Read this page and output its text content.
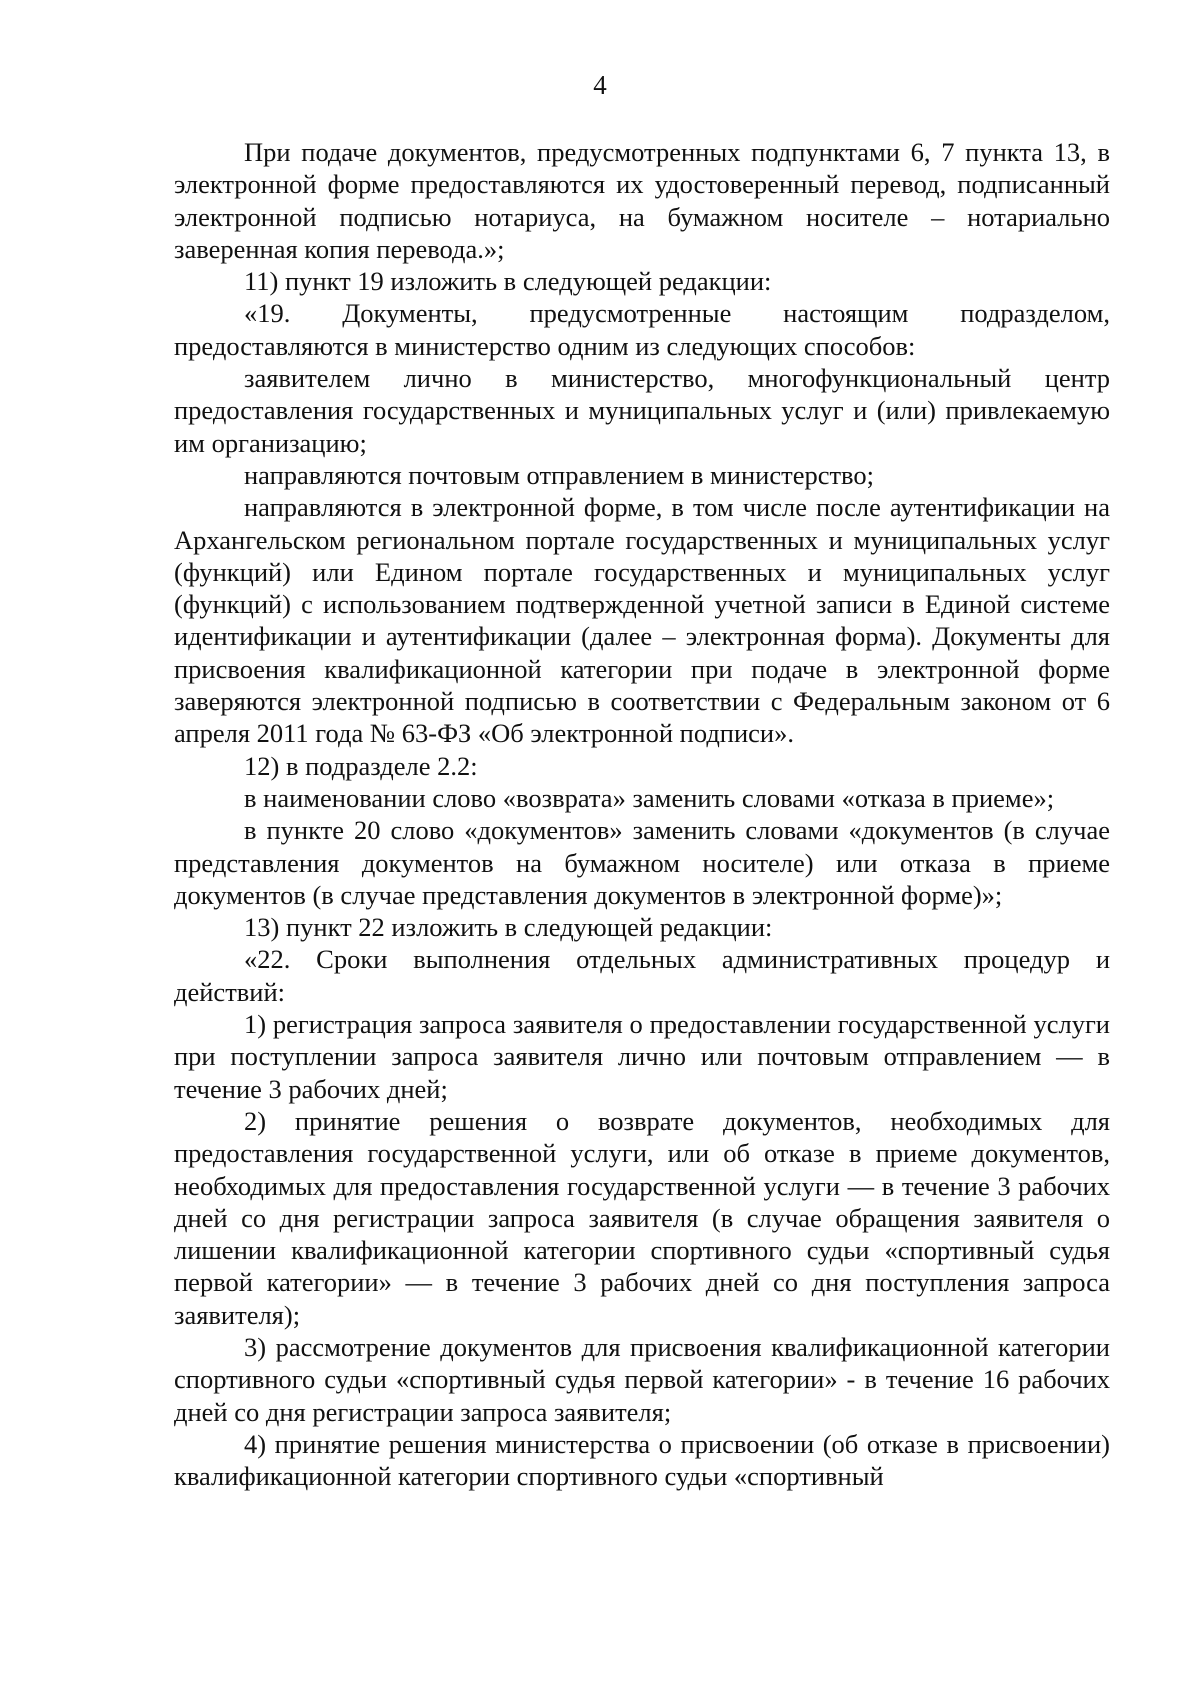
4

При подаче документов, предусмотренных подпунктами 6, 7 пункта 13, в электронной форме предоставляются их удостоверенный перевод, подписанный электронной подписью нотариуса, на бумажном носителе – нотариально заверенная копия перевода.»;

11) пункт 19 изложить в следующей редакции:

«19. Документы, предусмотренные настоящим подразделом, предоставляются в министерство одним из следующих способов:

заявителем лично в министерство, многофункциональный центр предоставления государственных и муниципальных услуг и (или) привлекаемую им организацию;

направляются почтовым отправлением в министерство;

направляются в электронной форме, в том числе после аутентификации на Архангельском региональном портале государственных и муниципальных услуг (функций) или Едином портале государственных и муниципальных услуг (функций) с использованием подтвержденной учетной записи в Единой системе идентификации и аутентификации (далее – электронная форма). Документы для присвоения квалификационной категории при подаче в электронной форме заверяются электронной подписью в соответствии с Федеральным законом от 6 апреля 2011 года № 63-ФЗ «Об электронной подписи».

12) в подразделе 2.2:

в наименовании слово «возврата» заменить словами «отказа в приеме»;

в пункте 20 слово «документов» заменить словами «документов (в случае представления документов на бумажном носителе) или отказа в приеме документов (в случае представления документов в электронной форме)»;

13) пункт 22 изложить в следующей редакции:

«22. Сроки выполнения отдельных административных процедур и действий:

1) регистрация запроса заявителя о предоставлении государственной услуги при поступлении запроса заявителя лично или почтовым отправлением — в течение 3 рабочих дней;

2) принятие решения о возврате документов, необходимых для предоставления государственной услуги, или об отказе в приеме документов, необходимых для предоставления государственной услуги — в течение 3 рабочих дней со дня регистрации запроса заявителя (в случае обращения заявителя о лишении квалификационной категории спортивного судьи «спортивный судья первой категории» — в течение 3 рабочих дней со дня поступления запроса заявителя);

3) рассмотрение документов для присвоения квалификационной категории спортивного судьи «спортивный судья первой категории» - в течение 16 рабочих дней со дня регистрации запроса заявителя;

4) принятие решения министерства о присвоении (об отказе в присвоении) квалификационной категории спортивного судьи «спортивный
